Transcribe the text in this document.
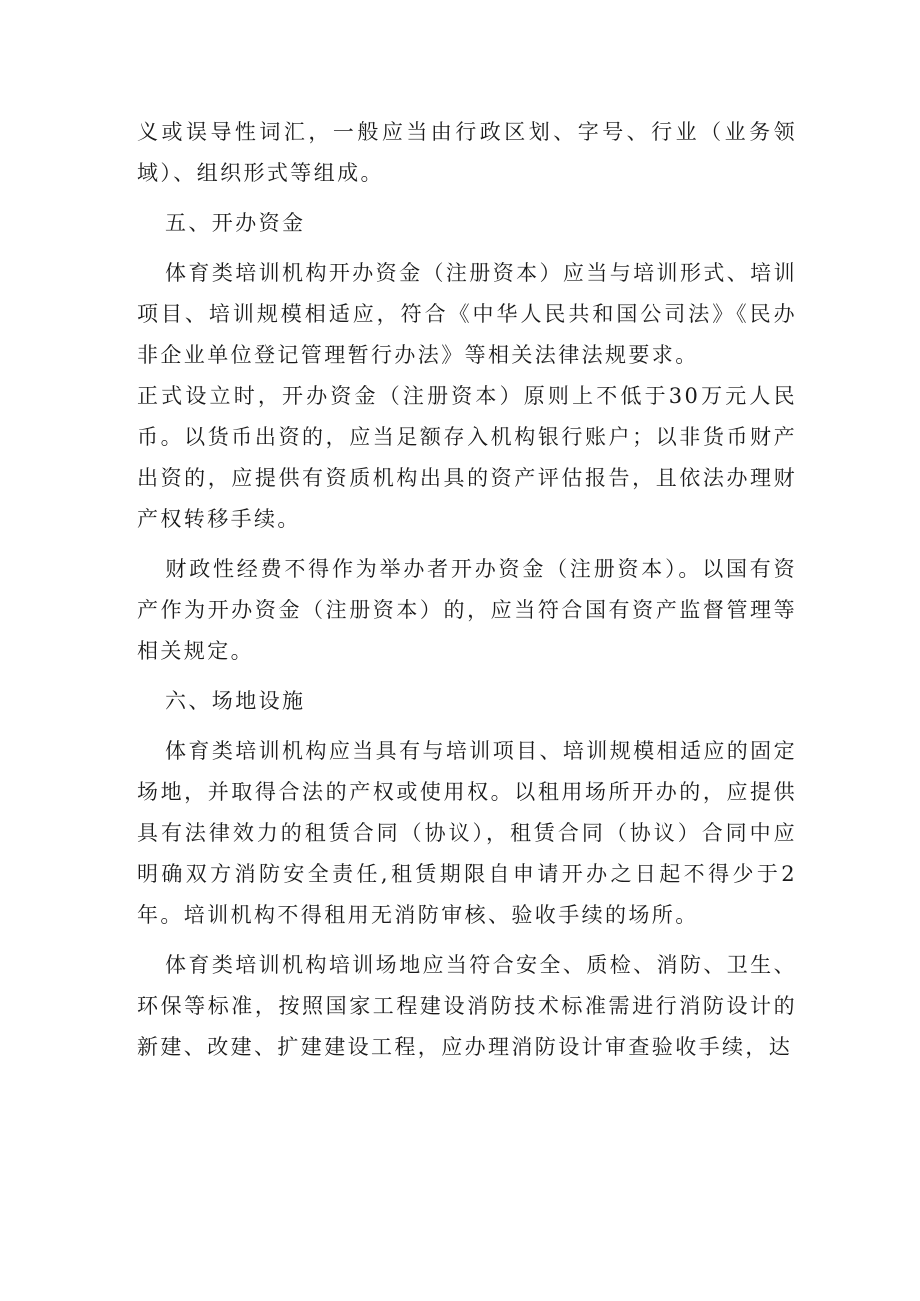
义或误导性词汇，一般应当由行政区划、字号、行业（业务领域）、组织形式等组成。

五、开办资金

体育类培训机构开办资金（注册资本）应当与培训形式、培训项目、培训规模相适应，符合《中华人民共和国公司法》《民办非企业单位登记管理暂行办法》等相关法律法规要求。

正式设立时，开办资金（注册资本）原则上不低于30万元人民币。以货币出资的，应当足额存入机构银行账户；以非货币财产出资的，应提供有资质机构出具的资产评估报告，且依法办理财产权转移手续。

财政性经费不得作为举办者开办资金（注册资本）。以国有资产作为开办资金（注册资本）的，应当符合国有资产监督管理等相关规定。

六、场地设施

体育类培训机构应当具有与培训项目、培训规模相适应的固定场地，并取得合法的产权或使用权。以租用场所开办的，应提供具有法律效力的租赁合同（协议），租赁合同（协议）合同中应明确双方消防安全责任,租赁期限自申请开办之日起不得少于2年。培训机构不得租用无消防审核、验收手续的场所。

体育类培训机构培训场地应当符合安全、质检、消防、卫生、环保等标准，按照国家工程建设消防技术标准需进行消防设计的新建、改建、扩建建设工程，应办理消防设计审查验收手续，达
